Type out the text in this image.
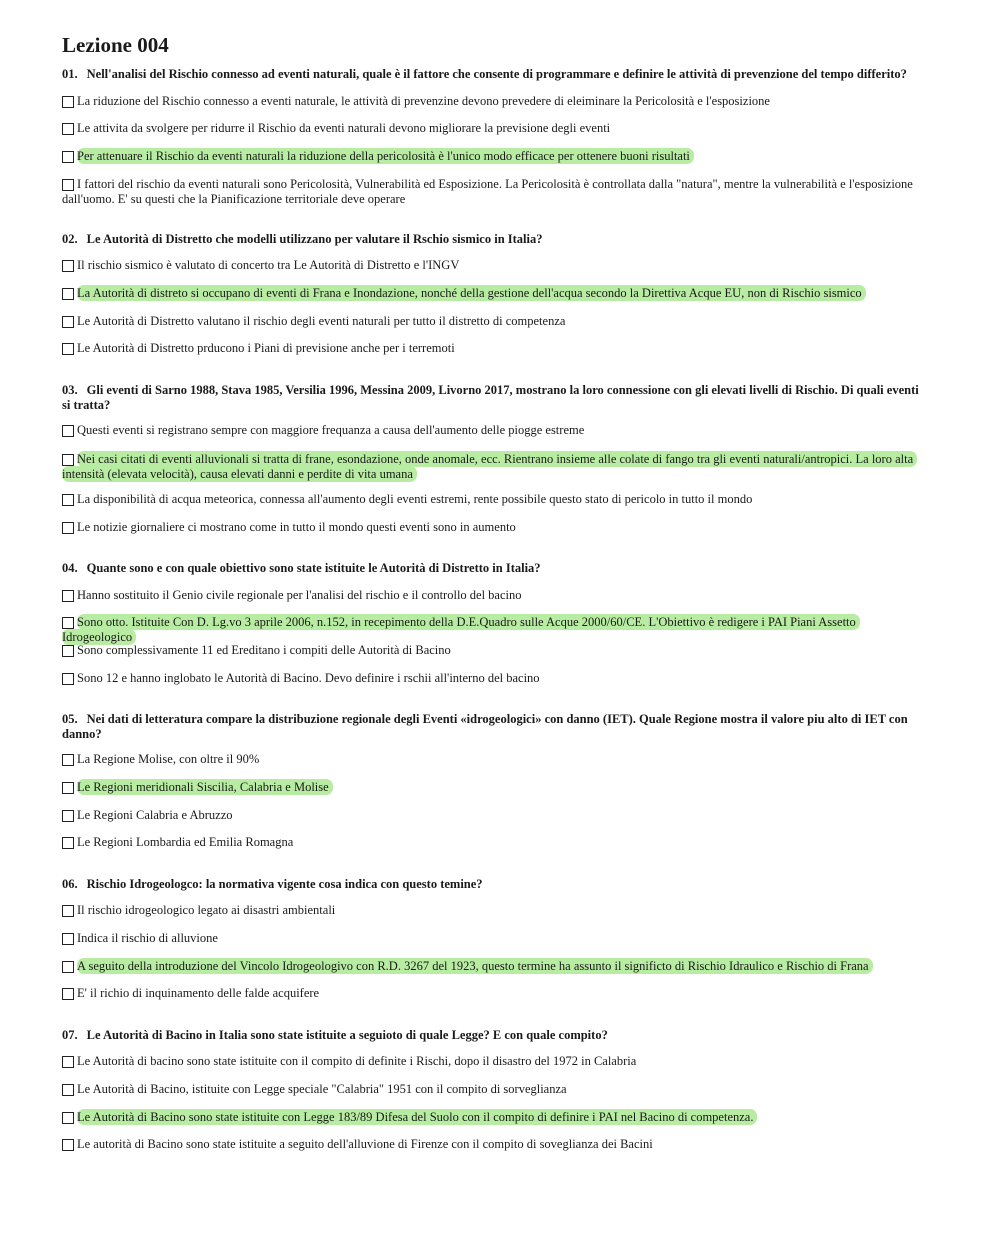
Lezione 004
01. Nell'analisi del Rischio connesso ad eventi naturali, quale è il fattore che consente di programmare e definire le attività di prevenzione del tempo differito?
La riduzione del Rischio connesso a eventi naturale, le attività di prevenzine devono prevedere di eleiminare la Pericolosità e l'esposizione
Le attivita da svolgere per ridurre il Rischio da eventi naturali devono migliorare la previsione degli eventi
Per attenuare il Rischio da eventi naturali la riduzione della pericolosità è l'unico modo efficace per ottenere buoni risultati
I fattori del rischio da eventi naturali sono Pericolosità, Vulnerabilità ed Esposizione. La Pericolosità è controllata dalla "natura", mentre la vulnerabilità e l'esposizione dall'uomo. E' su questi che la Pianificazione territoriale deve operare
02. Le Autorità di Distretto che modelli utilizzano per valutare il Rschio sismico in Italia?
Il rischio sismico è valutato di concerto tra Le Autorità di Distretto e l'INGV
La Autorità di distreto si occupano di eventi di Frana e Inondazione, nonché della gestione dell'acqua secondo la Direttiva Acque EU, non di Rischio sismico
Le Autorità di Distretto valutano il rischio degli eventi naturali per tutto il distretto di competenza
Le Autorità di Distretto prducono i Piani di previsione anche per i terremoti
03. Gli eventi di Sarno 1988, Stava 1985, Versilia 1996, Messina 2009, Livorno 2017, mostrano la loro connessione con gli elevati livelli di Rischio. Di quali eventi si tratta?
Questi eventi si registrano sempre con maggiore frequanza a causa dell'aumento delle piogge estreme
Nei casi citati di eventi alluvionali si tratta di frane, esondazione, onde anomale, ecc. Rientrano insieme alle colate di fango tra gli eventi naturali/antropici. La loro alta intensità (elevata velocità), causa elevati danni e perdite di vita umana
La disponibilità di acqua meteorica, connessa all'aumento degli eventi estremi, rente possibile questo stato di pericolo in tutto il mondo
Le notizie giornaliere ci mostrano come in tutto il mondo questi eventi sono in aumento
04. Quante sono e con quale obiettivo sono state istituite le Autorità di Distretto in Italia?
Hanno sostituito il Genio civile regionale per l'analisi del rischio e il controllo del bacino
Sono otto. Istituite Con D. Lg.vo 3 aprile 2006, n.152, in recepimento della D.E.Quadro sulle Acque 2000/60/CE. L'Obiettivo è redigere i PAI Piani Assetto Idrogeologico
Sono complessivamente 11 ed Ereditano i compiti delle Autorità di Bacino
Sono 12 e hanno inglobato le Autorità di Bacino. Devo definire i rschii all'interno del bacino
05. Nei dati di letteratura compare la distribuzione regionale degli Eventi «idrogeologici» con danno (IET). Quale Regione mostra il valore piu alto di IET con danno?
La Regione Molise, con oltre il 90%
Le Regioni meridionali Siscilia, Calabria e Molise
Le Regioni Calabria e Abruzzo
Le Regioni Lombardia ed Emilia Romagna
06. Rischio Idrogeologco: la normativa vigente cosa indica con questo temine?
Il rischio idrogeologico legato ai disastri ambientali
Indica il rischio di alluvione
A seguito della introduzione del Vincolo Idrogeologivo con R.D. 3267 del 1923, questo termine ha assunto il significto di Rischio Idraulico e Rischio di Frana
E' il richio di inquinamento delle falde acquifere
07. Le Autorità di Bacino in Italia sono state istituite a seguioto di quale Legge? E con quale compito?
Le Autorità di bacino sono state istituite con il compito di definite i Rischi, dopo il disastro del 1972 in Calabria
Le Autorità di Bacino, istituite con Legge speciale "Calabria" 1951 con il compito di sorveglianza
Le Autorità di Bacino sono state istituite con Legge 183/89 Difesa del Suolo con il compito di definire i PAI nel Bacino di competenza.
Le autorità di Bacino sono state istituite a seguito dell'alluvione di Firenze con il compito di soveglianza dei Bacini
